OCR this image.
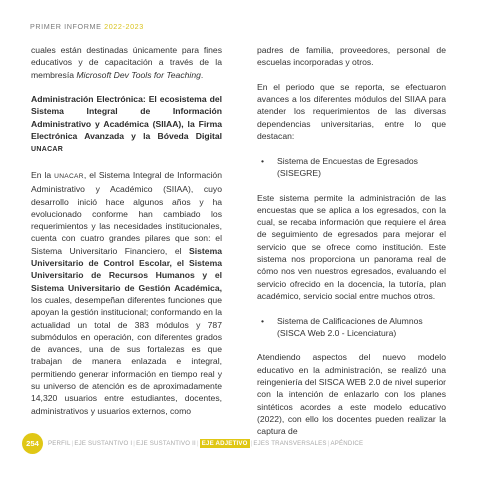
PRIMER INFORME 2022-2023

cuales están destinadas únicamente para fines educativos y de capacitación a través de la membresía Microsoft Dev Tools for Teaching.

Administración Electrónica: El ecosistema del Sistema Integral de Información Administrativo y Académica (SIIAA), la Firma Electrónica Avanzada y la Bóveda Digital UNACAR

En la UNACAR, el Sistema Integral de Información Administrativo y Académico (SIIAA), cuyo desarrollo inició hace algunos años y ha evolucionado conforme han cambiado los requerimientos y las necesidades institucionales, cuenta con cuatro grandes pilares que son: el Sistema Universitario Financiero, el Sistema Universitario de Control Escolar, el Sistema Universitario de Recursos Humanos y el Sistema Universitario de Gestión Académica, los cuales, desempeñan diferentes funciones que apoyan la gestión institucional; conformando en la actualidad un total de 383 módulos y 787 submódulos en operación, con diferentes grados de avances, una de sus fortalezas es que trabajan de manera enlazada e integral, permitiendo generar información en tiempo real y su universo de atención es de aproximadamente 14,320 usuarios entre estudiantes, docentes, administrativos y usuarios externos, como

padres de familia, proveedores, personal de escuelas incorporadas y otros.

En el periodo que se reporta, se efectuaron avances a los diferentes módulos del SIIAA para atender los requerimientos de las diversas dependencias universitarias, entre lo que destacan:

•	Sistema de Encuestas de Egresados (SISEGRE)

Este sistema permite la administración de las encuestas que se aplica a los egresados, con la cual, se recaba información que requiere el área de seguimiento de egresados para mejorar el servicio que se ofrece como institución. Este sistema nos proporciona un panorama real de cómo nos ven nuestros egresados, evaluando el servicio ofrecido en la docencia, la tutoría, plan académico, servicio social entre muchos otros.

•	Sistema de Calificaciones de Alumnos (SISCA Web 2.0 - Licenciatura)

Atendiendo aspectos del nuevo modelo educativo en la administración, se realizó una reingeniería del SISCA WEB 2.0 de nivel superior con la intención de enlazarlo con los planes sintéticos acordes a este modelo educativo (2022), con ello los docentes pueden realizar la captura de

254	PERFIL | EJE SUSTANTIVO I | EJE SUSTANTIVO II | EJE ADJETIVO | EJES TRANSVERSALES | APÉNDICE
